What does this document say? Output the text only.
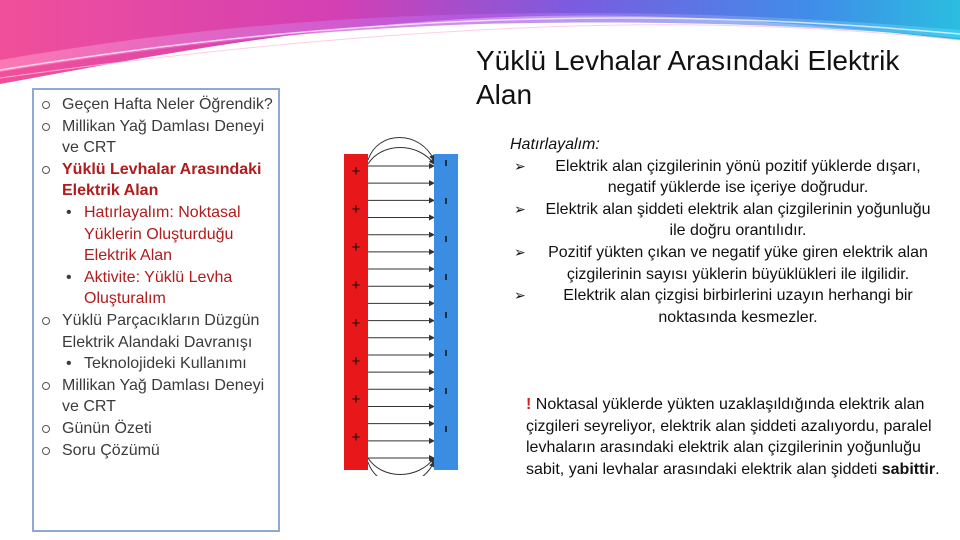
Geçen Hafta Neler Öğrendik?
Millikan Yağ Damlası Deneyi ve CRT
Yüklü Levhalar Arasındaki Elektrik Alan
• Hatırlayalım: Noktasal Yüklerin Oluşturduğu Elektrik Alan
• Aktivite: Yüklü Levha Oluşturalım
Yüklü Parçacıkların Düzgün Elektrik Alandaki Davranışı
• Teknolojideki Kullanımı
Millikan Yağ Damlası Deneyi ve CRT
Günün Özeti
Soru Çözümü
+
+
+
+
+
+
+
+
Yüklü Levhalar Arasındaki Elektrik Alan
Hatırlayalım:
➢ Elektrik alan çizgilerinin yönü pozitif yüklerde dışarı, negatif yüklerde ise içeriye doğrudur.
➢ Elektrik alan şiddeti elektrik alan çizgilerinin yoğunluğu ile doğru orantılıdır.
➢ Pozitif yükten çıkan ve negatif yüke giren elektrik alan çizgilerinin sayısı yüklerin büyüklükleri ile ilgilidir.
➢ Elektrik alan çizgisi birbirlerini uzayın herhangi bir noktasında kesmezler.
! Noktasal yüklerde yükten uzaklaşıldığında elektrik alan çizgileri seyreliyor, elektrik alan şiddeti azalıyordu, paralel levhaların arasındaki elektrik alan çizgilerinin yoğunluğu sabit, yani levhalar arasındaki elektrik alan şiddeti sabittir.
